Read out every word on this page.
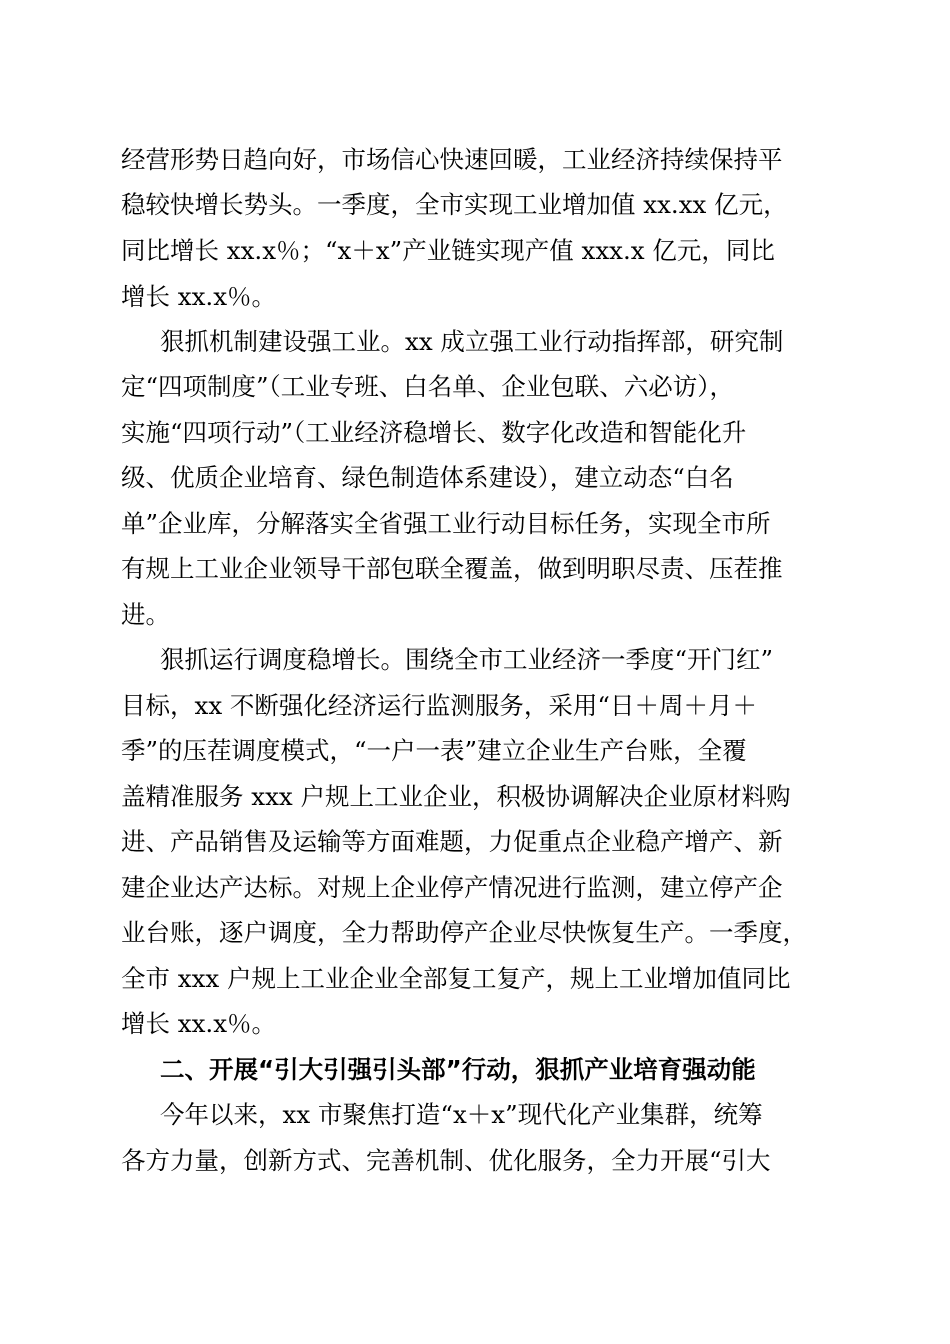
经营形势日趋向好，市场信心快速回暖，工业经济持续保持平
稳较快增长势头。一季度，全市实现工业增加值 xx.xx 亿元，
同比增长 xx.x％；“x＋x”产业链实现产值 xxx.x 亿元，同比
增长 xx.x％。
狠抓机制建设强工业。xx 成立强工业行动指挥部，研究制
定“四项制度”（工业专班、白名单、企业包联、六必访），
实施“四项行动”（工业经济稳增长、数字化改造和智能化升
级、优质企业培育、绿色制造体系建设），建立动态“白名
单”企业库，分解落实全省强工业行动目标任务，实现全市所
有规上工业企业领导干部包联全覆盖，做到明职尽责、压茬推
进。
狠抓运行调度稳增长。围绕全市工业经济一季度“开门红”
目标，xx 不断强化经济运行监测服务，采用“日＋周＋月＋
季”的压茬调度模式，“一户一表”建立企业生产台账，全覆
盖精准服务 xxx 户规上工业企业，积极协调解决企业原材料购
进、产品销售及运输等方面难题，力促重点企业稳产增产、新
建企业达产达标。对规上企业停产情况进行监测，建立停产企
业台账，逐户调度，全力帮助停产企业尽快恢复生产。一季度，
全市 xxx 户规上工业企业全部复工复产，规上工业增加值同比
增长 xx.x％。
二、开展“引大引强引头部”行动，狠抓产业培育强动能
今年以来，xx 市聚焦打造“x＋x”现代化产业集群，统筹
各方力量，创新方式、完善机制、优化服务，全力开展“引大
